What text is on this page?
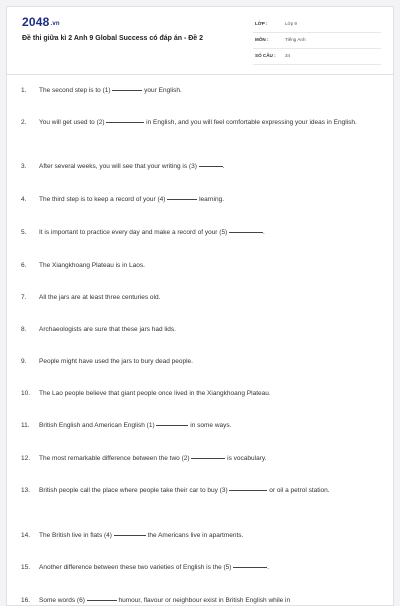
2048.vn
Đề thi giữa kì 2 Anh 9 Global Success có đáp án - Đề 2
LỚP :	Lớp 9
MÔN :	Tiếng Anh
SỐ CÂU : 34
1.	The second step is to (1)	your English.
2.	You will get used to (2)	in English, and you will feel comfortable expressing your ideas in English.
3.	After several weeks, you will see that your writing is (3)	.
4.	The third step is to keep a record of your (4)	learning.
5.	It is important to practice every day and make a record of your (5)	.
6.	The Xiangkhoang Plateau is in Laos.
7.	All the jars are at least three centuries old.
8.	Archaeologists are sure that these jars had lids.
9.	People might have used the jars to bury dead people.
10.	The Lao people believe that giant people once lived in the Xiangkhoang Plateau.
11.	British English and American English (1)	in some ways.
12.	The most remarkable difference between the two (2)	is vocabulary.
13.	British people call the place where people take their car to buy (3)	or oil a petrol station.
14.	The British live in flats (4)	the Americans live in apartments.
15.	Another difference between these two varieties of English is the (5)	.
16.	Some words (6)	humour, flavour or neighbour exist in British English while in
